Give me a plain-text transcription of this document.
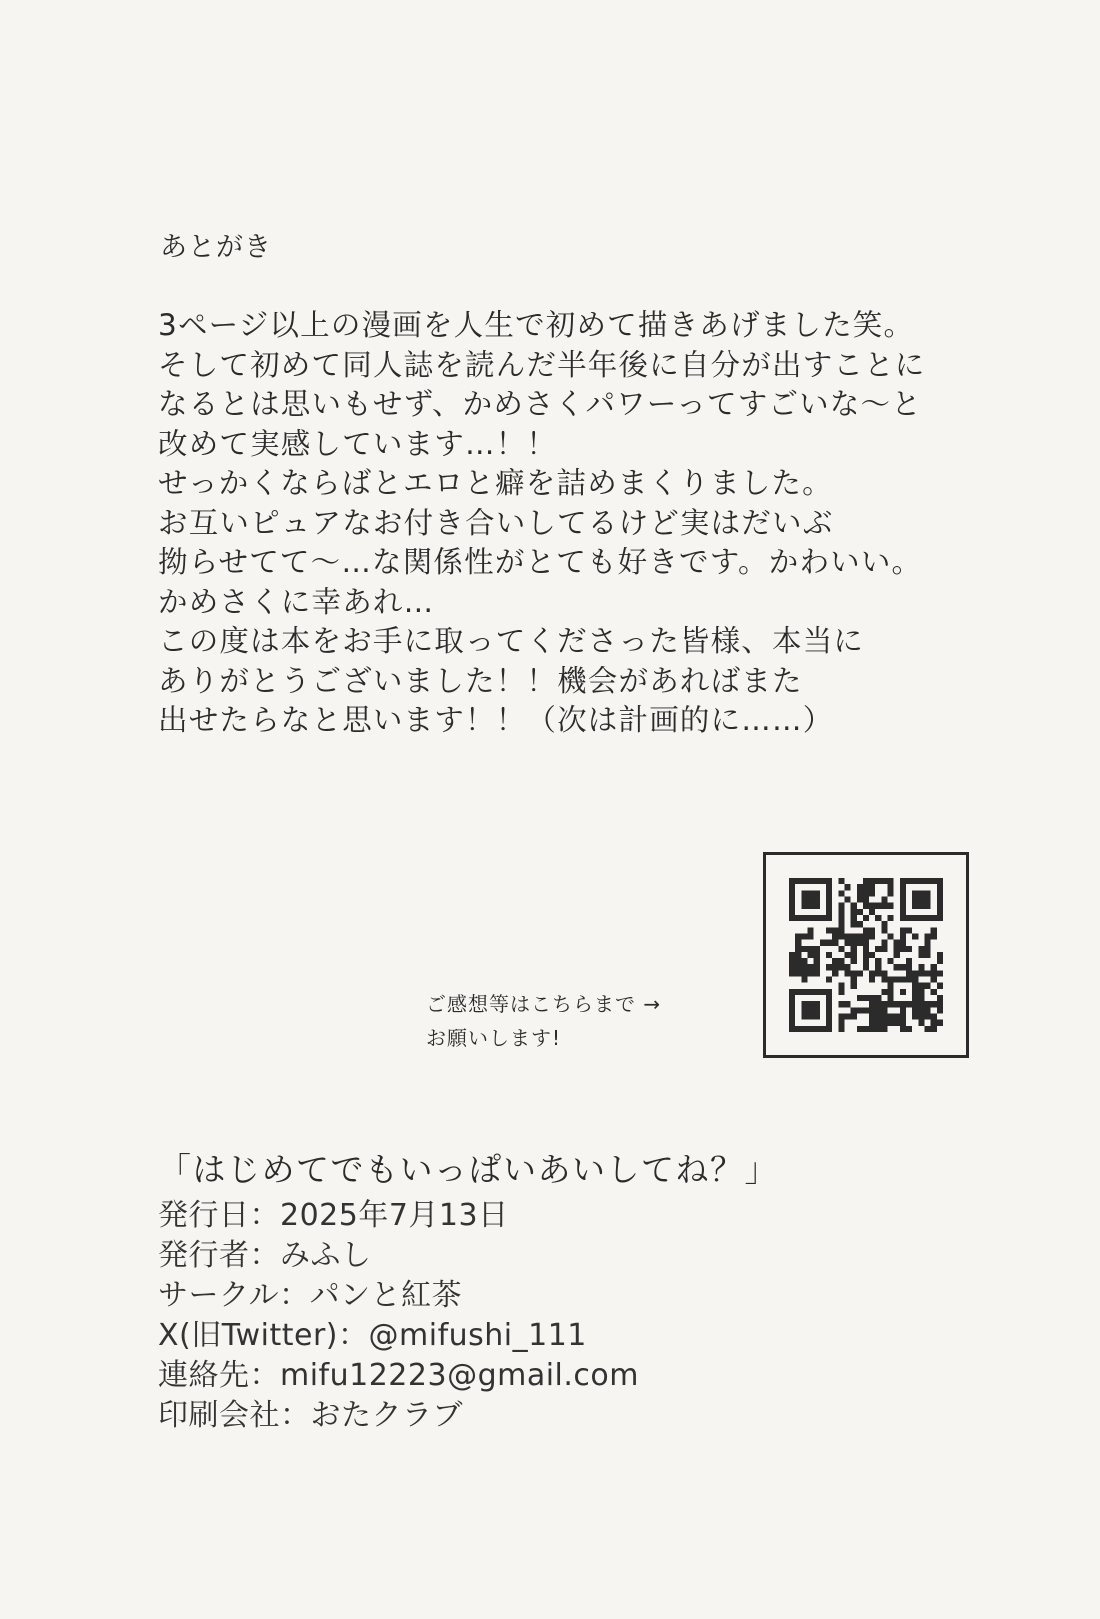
あとがき
3ページ以上の漫画を人生で初めて描きあげました笑。
そして初めて同人誌を読んだ半年後に自分が出すことに
なるとは思いもせず、かめさくパワーってすごいな～と
改めて実感しています…！！
せっかくならばとエロと癖を詰めまくりました。
お互いピュアなお付き合いしてるけど実はだいぶ
拗らせてて～…な関係性がとても好きです。かわいい。
かめさくに幸あれ…
この度は本をお手に取ってくださった皆様、本当に
ありがとうございました！！機会があればまた
出せたらなと思います！！（次は計画的に……）
ご感想等はこちらまで →
お願いします!
「はじめてでもいっぱいあいしてね？」
発行日：2025年7月13日
発行者：みふし
サークル：パンと紅茶
X(旧Twitter)：@mifushi_111
連絡先：mifu12223@gmail.com
印刷会社：おたクラブ
